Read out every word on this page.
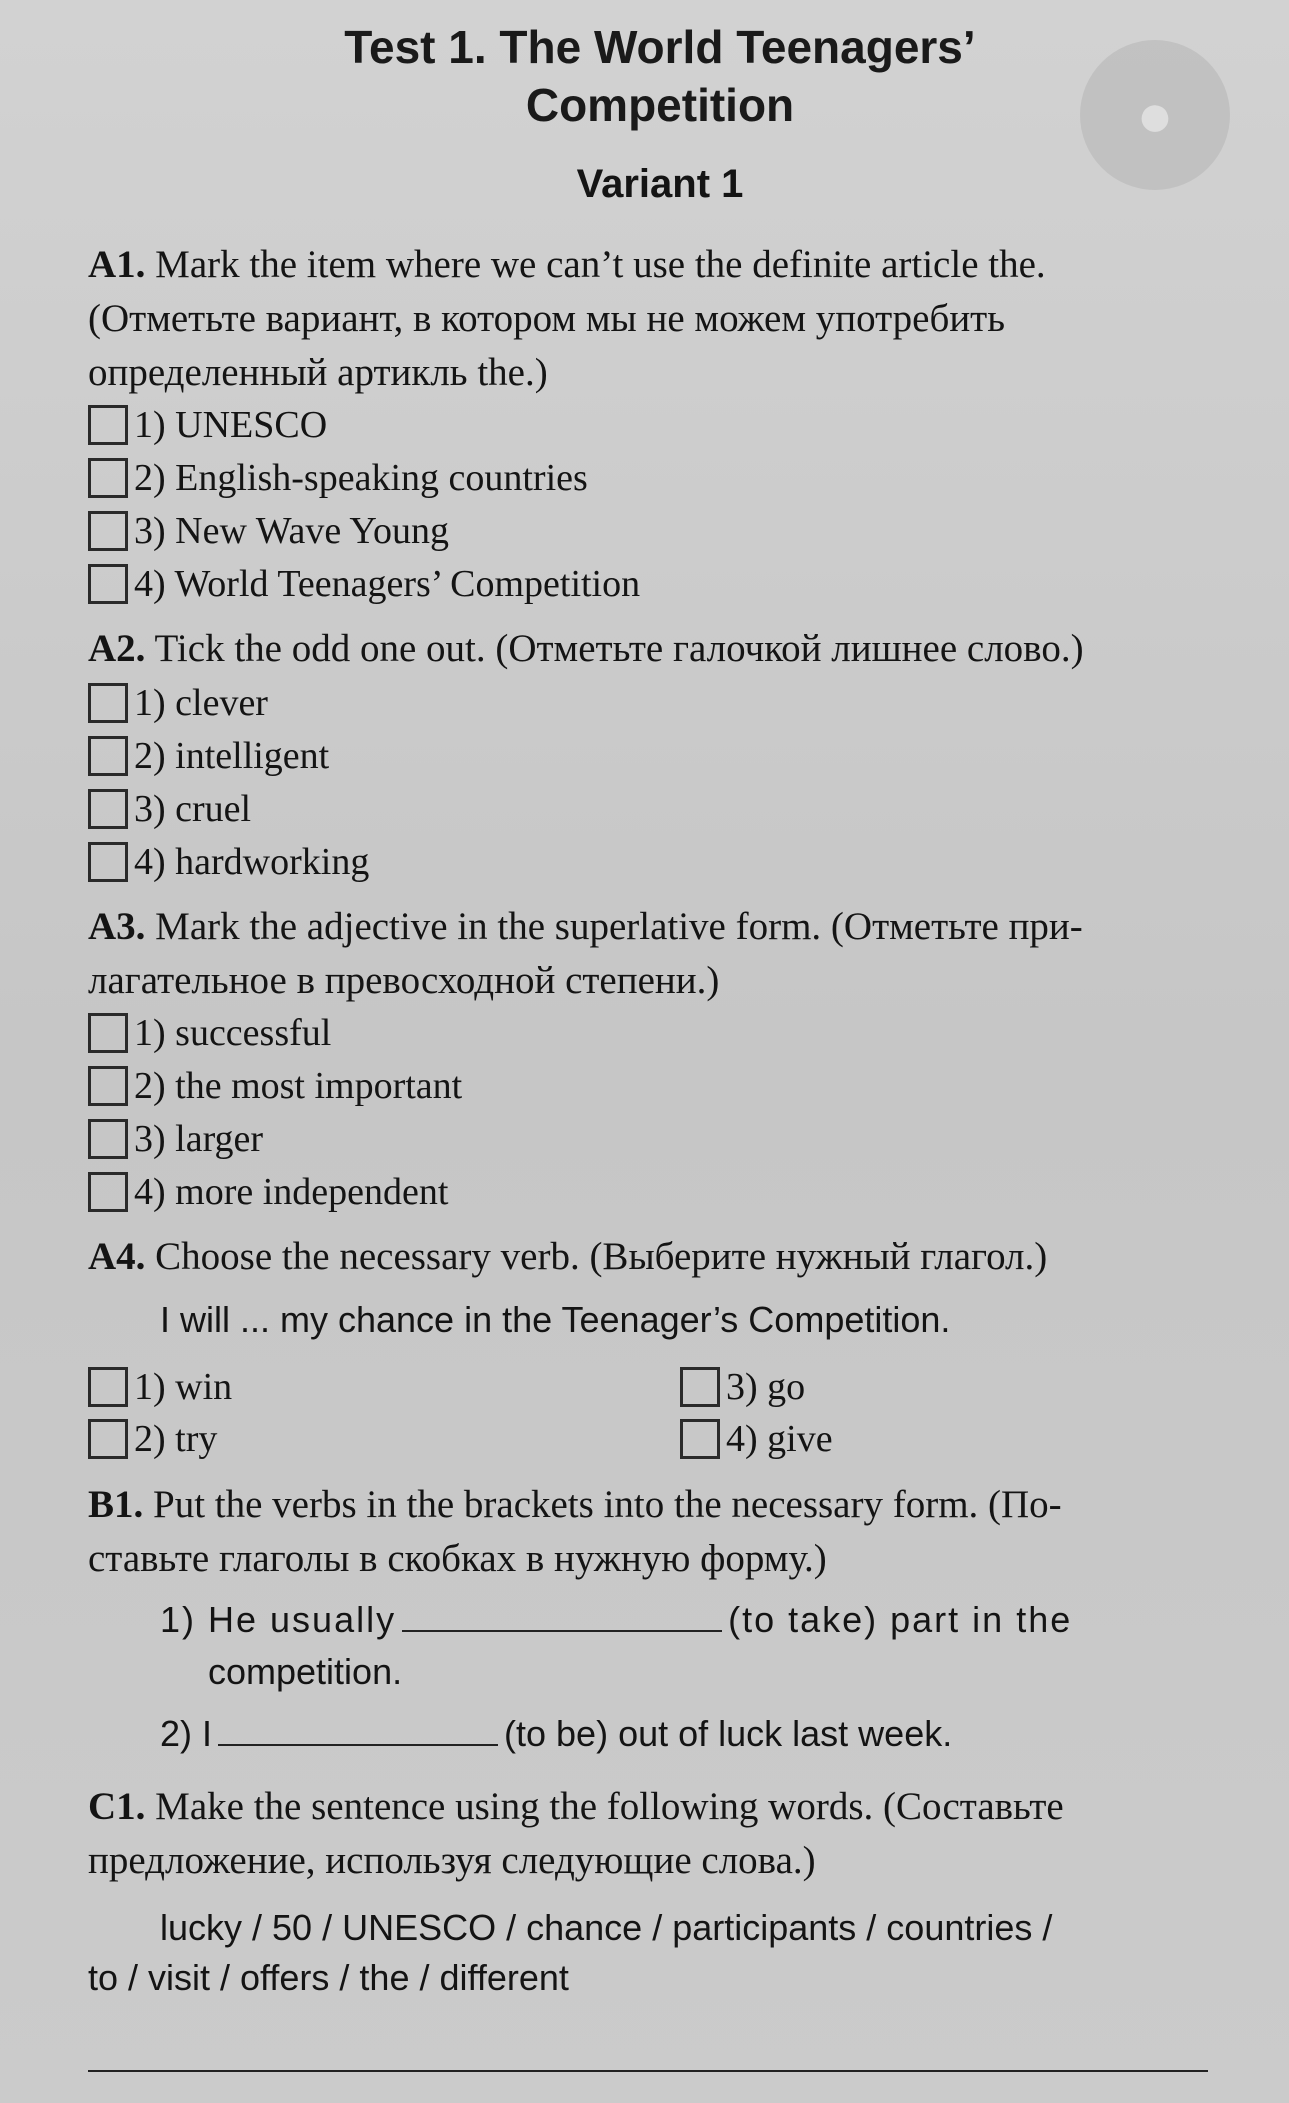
●
Test 1. The World Teenagers’
Competition
Variant 1
A1. Mark the item where we can’t use the definite article the.
(Отметьте вариант, в котором мы не можем употребить
определенный артикль the.)
1) UNESCO
2) English-speaking countries
3) New Wave Young
4) World Teenagers’ Competition
A2. Tick the odd one out. (Отметьте галочкой лишнее слово.)
1) clever
2) intelligent
3) cruel
4) hardworking
A3. Mark the adjective in the superlative form. (Отметьте при-
лагательное в превосходной степени.)
1) successful
2) the most important
3) larger
4) more independent
A4. Choose the necessary verb. (Выберите нужный глагол.)
I will ... my chance in the Teenager’s Competition.
1) win
2) try
3) go
4) give
B1. Put the verbs in the brackets into the necessary form. (По-
ставьте глаголы в скобках в нужную форму.)
1) He usually	(to take) part in the
competition.
2) I	(to be) out of luck last week.
C1. Make the sentence using the following words. (Составьте
предложение, используя следующие слова.)
lucky / 50 / UNESCO / chance / participants / countries /
to / visit / offers / the / different
